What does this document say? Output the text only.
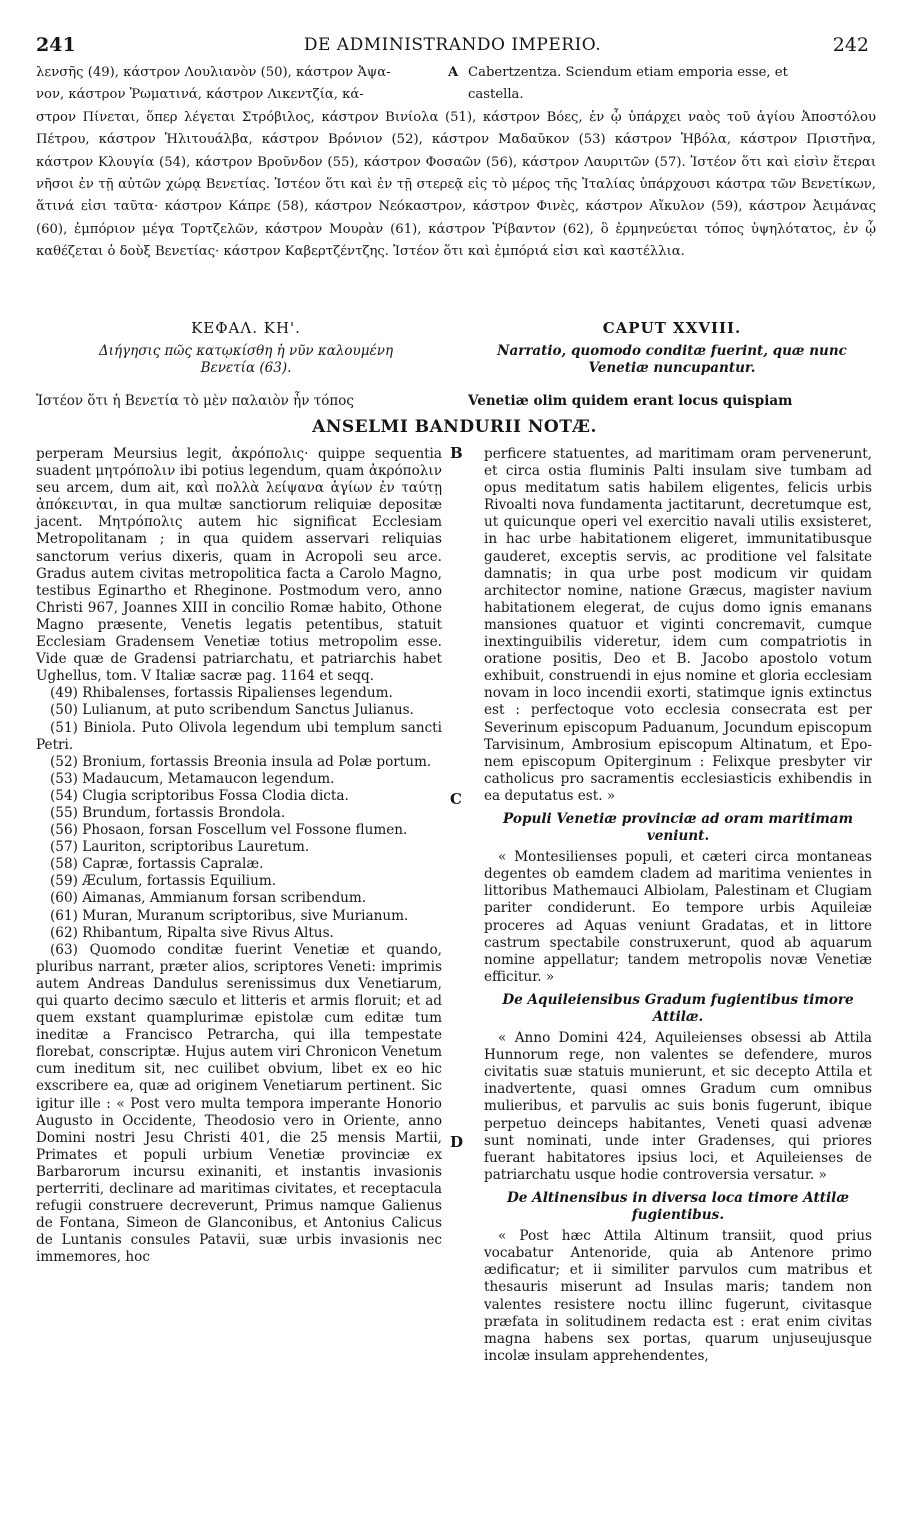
241	DE ADMINISTRANDO IMPERIO.	242
λενσῆς (49), κάστρον Λουλιανὸν (50), κάστρον Ἀψα-	A Cabertzentza. Sciendum etiam emporia esse, et
νον, κάστρον Ῥωματινά, κάστρον Λικεντζία, κά-	castella.

στρον Πίνεται, ὅπερ λέγεται Στρόβιλος, κάστρον Βινίολα (51), κάστρον Βόες, ἐν ᾧ ὑπάρχει ναὸς τοῦ ἁγίου Ἀποστόλου Πέτρου, κάστρον Ἠλιτουάλβα, κάστρον Βρόνιον (52), κάστρον Μαδαῦκον (53) κάστρον Ἡβόλα, κάστρον Πριστῆνα, κάστρον Κλουγία (54), κάστρον Βροῦνδον (55), κάστρον Φοσαῶν (56), κάστρον Λαυριτῶν (57). Ἰστέον ὅτι καὶ εἰσὶν ἕτεραι νῆσοι ἐν τῇ αὐτῶν χώρᾳ Βενετίας. Ἰστέον ὅτι καὶ ἐν τῇ στερεᾷ εἰς τὸ μέρος τῆς Ἰταλίας ὑπάρχουσι κάστρα τῶν Βενετίκων, ἅτινά εἰσι ταῦτα· κάστρον Κάπρε (58), κάστρον Νεόκαστρον, κάστρον Φινὲς, κάστρον Αἴκυλον (59), κάστρον Ἀειμάνας (60), ἐμπόριον μέγα Τορτζελῶν, κάστρον Μουρὰν (61), κάστρον Ῥίβαντον (62), ὃ ἑρμηνεύεται τόπος ὑψηλότατος, ἐν ᾧ καθέζεται ὁ δοὺξ Βενετίας· κάστρον Καβερτζέντζης. Ἰστέον ὅτι καὶ ἐμπόριά εἰσι καὶ καστέλλια.

ΚΕΦΑΛ. ΚΗ'.
Διήγησις πῶς κατῳκίσθη ἡ νῦν καλουμένη
Βενετία (63).
CAPUT XXVIII.
Narratio, quomodo conditæ fuerint, quæ nunc
Venetiæ nuncupantur.
Ἰστέον ὅτι ἡ Βενετία τὸ μὲν παλαιὸν ἦν τόπος	Venetiæ olim quidem erant locus quispiam
ANSELMI BANDURII NOTÆ.
B
C
D

perperam Meursius legit, ἀκρόπολις· quippe sequentia suadent μητρόπολιν ibi potius legendum, quam ἀκρόπολιν seu arcem, dum ait, καὶ πολλὰ λείψανα ἁγίων ἐν ταύτῃ ἀπόκεινται, in qua multæ sanctiorum reliquiæ depositæ jacent. Μητρόπολις autem hic significat Ecclesiam Metropolitanam ; in qua quidem asservari reliquias sanctorum verius dixeris, quam in Acropoli seu arce. Gradus autem civitas metropolitica facta a Carolo Magno, testibus Eginartho et Rheginone. Postmodum vero, anno Christi 967, Joannes XIII in concilio Romæ habito, Othone Magno præsente, Venetis legatis petentibus, statuit Ecclesiam Gradensem Venetiæ totius metropolim esse. Vide quæ de Gradensi patriarchatu, et patriarchis habet Ughellus, tom. V Italiæ sacræ pag. 1164 et seqq.

(49) Rhibalenses, fortassis Ripalienses legendum.

(50) Lulianum, at puto scribendum Sanctus Julianus.

(51) Biniola. Puto Olivola legendum ubi templum sancti Petri.

(52) Bronium, fortassis Breonia insula ad Polæ portum.

(53) Madaucum, Metamaucon legendum.

(54) Clugia scriptoribus Fossa Clodia dicta.

(55) Brundum, fortassis Brondola.

(56) Phosaon, forsan Foscellum vel Fossone flumen.

(57) Lauriton, scriptoribus Lauretum.

(58) Capræ, fortassis Capralæ.

(59) Æculum, fortassis Equilium.

(60) Aimanas, Ammianum forsan scribendum.

(61) Muran, Muranum scriptoribus, sive Murianum.

(62) Rhibantum, Ripalta sive Rivus Altus.

(63) Quomodo conditæ fuerint Venetiæ et quando, pluribus narrant, præter alios, scriptores Veneti: imprimis autem Andreas Dandulus serenissimus dux Venetiarum, qui quarto decimo sæculo et litteris et armis floruit; et ad quem exstant quamplurimæ epistolæ cum editæ tum ineditæ a Francisco Petrarcha, qui illa tempestate florebat, conscriptæ. Hujus autem viri Chronicon Venetum cum ineditum sit, nec cuilibet obvium, libet ex eo hic exscribere ea, quæ ad originem Venetiarum pertinent. Sic igitur ille : « Post vero multa tempora imperante Honorio Augusto in Occidente, Theodosio vero in Oriente, anno Domini nostri Jesu Christi 401, die 25 mensis Martii, Primates et populi urbium Venetiæ provinciæ ex Barbarorum incursu exinaniti, et instantis invasionis perterriti, declinare ad maritimas civitates, et receptacula refugii construere decreverunt, Primus namque Galienus de Fontana, Simeon de Glanconibus, et Antonius Calicus de Luntanis consules Patavii, suæ urbis invasionis nec immemores, hoc

perficere statuentes, ad maritimam oram pervenerunt, et circa ostia fluminis Palti insulam sive tumbam ad opus meditatum satis habilem eligentes, felicis urbis Rivoalti nova fundamenta jactitarunt, decretumque est, ut quicunque operi vel exercitio navali utilis exsisteret, in hac urbe habitationem eligeret, immunitatibusque gauderet, exceptis servis, ac proditione vel falsitate damnatis; in qua urbe post modicum vir quidam architector nomine, natione Græcus, magister navium habitationem elegerat, de cujus domo ignis emanans mansiones quatuor et viginti concremavit, cumque inextinguibilis videretur, idem cum compatriotis in oratione positis, Deo et B. Jacobo apostolo votum exhibuit, construendi in ejus nomine et gloria ecclesiam novam in loco incendii exorti, statimque ignis extinctus est : perfectoque voto ecclesia consecrata est per Severinum episcopum Paduanum, Jocundum episcopum Tarvisinum, Ambrosium episcopum Altinatum, et Epo- nem episcopum Opiterginum : Felixque presbyter vir catholicus pro sacramentis ecclesiasticis exhibendis in ea deputatus est. »

Populi Venetiæ provinciæ ad oram maritimam veniunt.

« Montesilienses populi, et cæteri circa montaneas degentes ob eamdem cladem ad maritima venientes in littoribus Mathemauci Albiolam, Palestinam et Clugiam pariter condiderunt. Eo tempore urbis Aquileiæ proceres ad Aquas veniunt Gradatas, et in littore castrum spectabile construxerunt, quod ab aquarum nomine appellatur; tandem metropolis novæ Venetiæ efficitur. »

De Aquileiensibus Gradum fugientibus timore Attilæ.

« Anno Domini 424, Aquileienses obsessi ab Attila Hunnorum rege, non valentes se defendere, muros civitatis suæ statuis munierunt, et sic decepto Attila et inadvertente, quasi omnes Gradum cum omnibus mulieribus, et parvulis ac suis bonis fugerunt, ibique perpetuo deinceps habitantes, Veneti quasi advenæ sunt nominati, unde inter Gradenses, qui priores fuerant habitatores ipsius loci, et Aquileienses de patriarchatu usque hodie controversia versatur. »

De Altinensibus in diversa loca timore Attilæ fugientibus.

« Post hæc Attila Altinum transiit, quod prius vocabatur Antenoride, quia ab Antenore primo ædificatur; et ii similiter parvulos cum matribus et thesauris miserunt ad Insulas maris; tandem non valentes resistere noctu illinc fugerunt, civitasque præfata in solitudinem redacta est : erat enim civitas magna habens sex portas, quarum unjuseujusque incolæ insulam apprehendentes,
